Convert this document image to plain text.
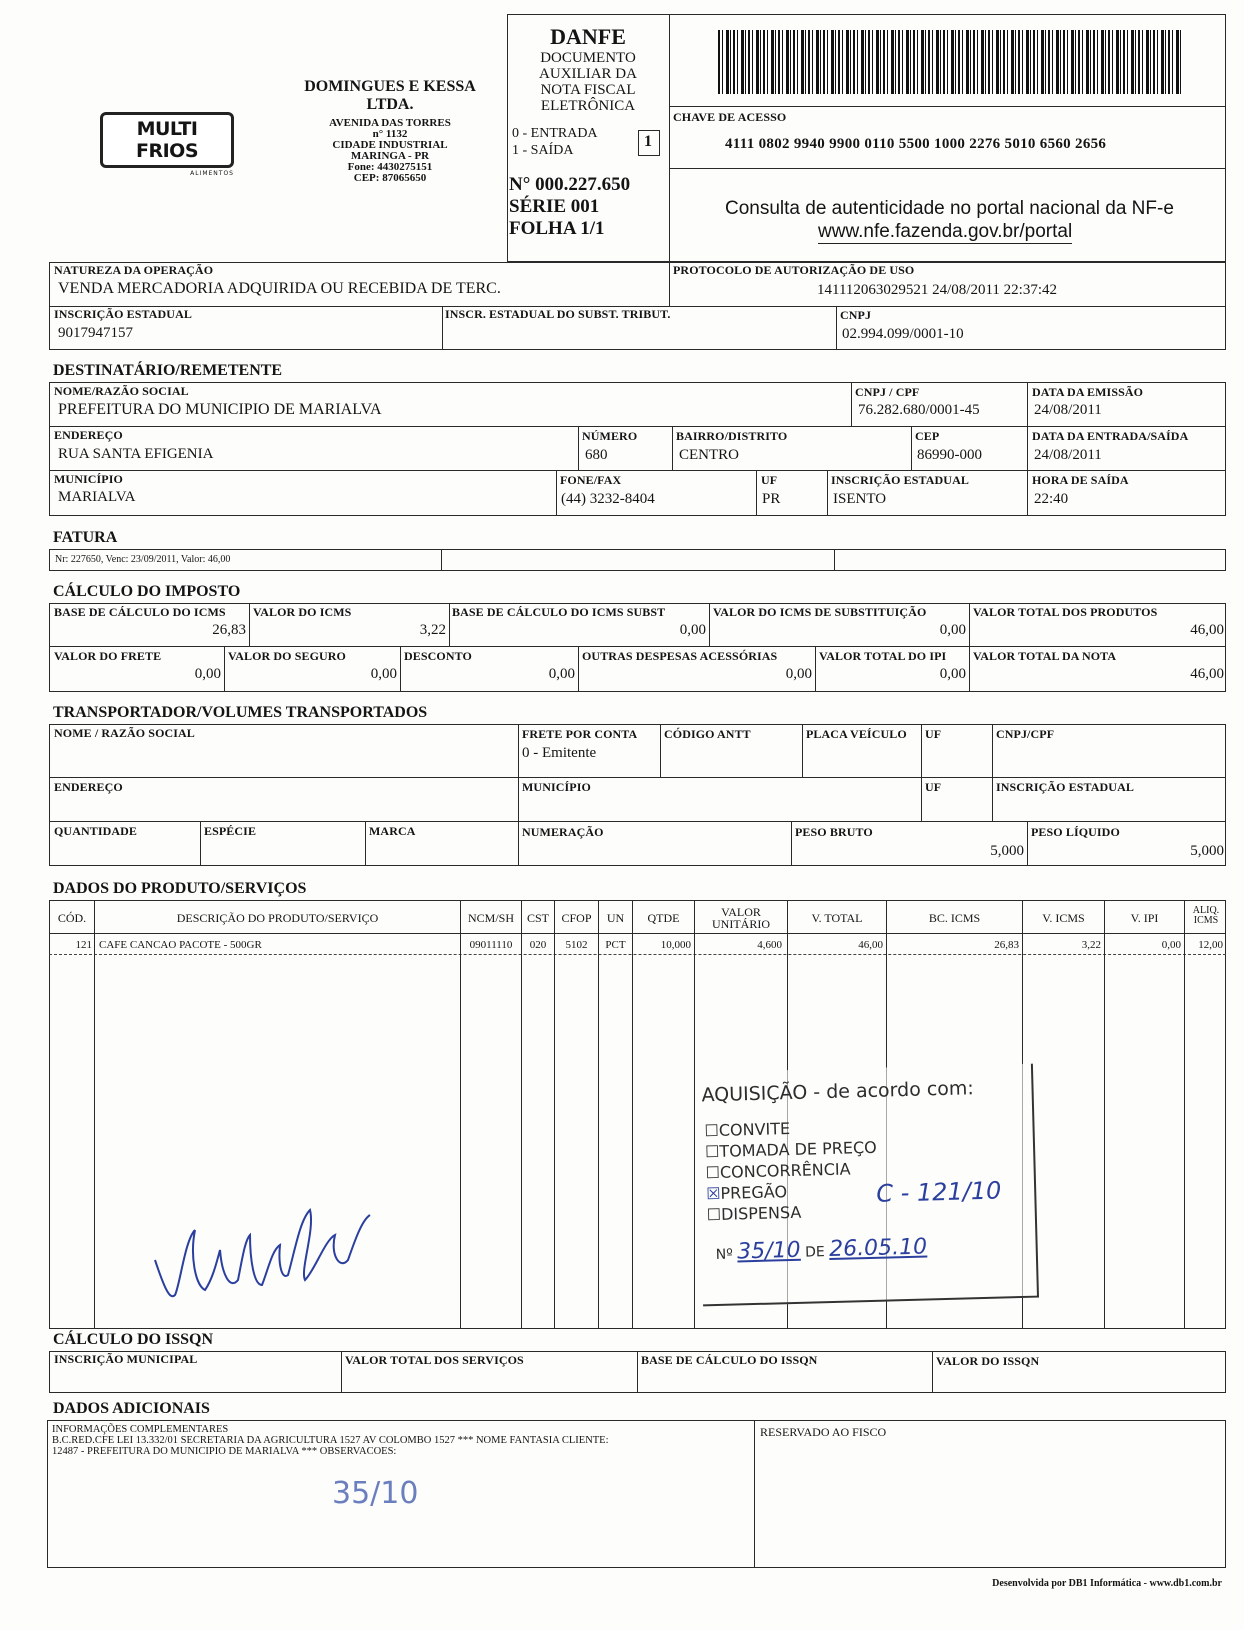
MULTI FRIOS
ALIMENTOS
DOMINGUES E KESSA
LTDA.
AVENIDA DAS TORRES
n° 1132
CIDADE INDUSTRIAL
MARINGA - PR
Fone: 4430275151
CEP: 87065650
DANFE
DOCUMENTO
AUXILIAR DA
NOTA FISCAL
ELETRÔNICA
0 - ENTRADA
1 - SAÍDA
1
N° 000.227.650
SÉRIE 001
FOLHA 1/1
CHAVE DE ACESSO
4111 0802 9940 9900 0110 5500 1000 2276 5010 6560 2656
Consulta de autenticidade no portal nacional da NF-e
www.nfe.fazenda.gov.br/portal
NATUREZA DA OPERAÇÃO
VENDA MERCADORIA ADQUIRIDA OU RECEBIDA DE TERC.
PROTOCOLO DE AUTORIZAÇÃO DE USO
141112063029521 24/08/2011 22:37:42
INSCRIÇÃO ESTADUAL
9017947157
INSCR. ESTADUAL DO SUBST. TRIBUT.	CNPJ
02.994.099/0001-10
DESTINATÁRIO/REMETENTE
NOME/RAZÃO SOCIAL
PREFEITURA DO MUNICIPIO DE MARIALVA
CNPJ / CPF
76.282.680/0001-45
DATA DA EMISSÃO
24/08/2011
ENDEREÇO
RUA SANTA EFIGENIA
NÚMERO
680
BAIRRO/DISTRITO
CENTRO
CEP
86990-000
DATA DA ENTRADA/SAÍDA
24/08/2011
MUNICÍPIO
MARIALVA
FONE/FAX
(44) 3232-8404
UF
PR
INSCRIÇÃO ESTADUAL
ISENTO
HORA DE SAÍDA
22:40
FATURA
Nr: 227650, Venc: 23/09/2011, Valor: 46,00
CÁLCULO DO IMPOSTO
BASE DE CÁLCULO DO ICMS
26,83
VALOR DO ICMS
3,22
BASE DE CÁLCULO DO ICMS SUBST
0,00
VALOR DO ICMS DE SUBSTITUIÇÃO
0,00
VALOR TOTAL DOS PRODUTOS
46,00
VALOR DO FRETE
0,00
VALOR DO SEGURO
0,00
DESCONTO
0,00
OUTRAS DESPESAS ACESSÓRIAS
0,00
VALOR TOTAL DO IPI
0,00
VALOR TOTAL DA NOTA
46,00
TRANSPORTADOR/VOLUMES TRANSPORTADOS
NOME / RAZÃO SOCIAL	FRETE POR CONTA
0 - Emitente
CÓDIGO ANTT	PLACA VEÍCULO UF	CNPJ/CPF
ENDEREÇO	MUNICÍPIO	UF	INSCRIÇÃO ESTADUAL
QUANTIDADE	ESPÉCIE	MARCA	NUMERAÇÃO	PESO BRUTO
5,000
PESO LÍQUIDO
5,000
DADOS DO PRODUTO/SERVIÇOS
CÓD.	DESCRIÇÃO DO PRODUTO/SERVIÇO	NCM/SH	CST	CFOP	UN	QTDE	VALOR UNITÁRIO	V. TOTAL	BC. ICMS	V. ICMS	V. IPI
ALIQ. ICMS
121 CAFE CANCAO PACOTE - 500GR	09011110	020	5102	PCT	10,000	4,600	46,00	26,83	3,22	0,00	12,00
AQUISIÇÃO - de acordo com:
☐CONVITE
☐TOMADA DE PREÇO
☐CONCORRÊNCIA
☒PREGÃO
☐DISPENSA
Nº 35/10 DE 26.05.10
C - 121/10
CÁLCULO DO ISSQN
INSCRIÇÃO MUNICIPAL	VALOR TOTAL DOS SERVIÇOS	BASE DE CÁLCULO DO ISSQN	VALOR DO ISSQN
DADOS ADICIONAIS
INFORMAÇÕES COMPLEMENTARES
B.C.RED.CFE LEI 13.332/01 SECRETARIA DA AGRICULTURA 1527 AV COLOMBO 1527 *** NOME FANTASIA CLIENTE:
12487 - PREFEITURA DO MUNICIPIO DE MARIALVA *** OBSERVACOES:
35/10
RESERVADO AO FISCO
Desenvolvida por DB1 Informática - www.db1.com.br
